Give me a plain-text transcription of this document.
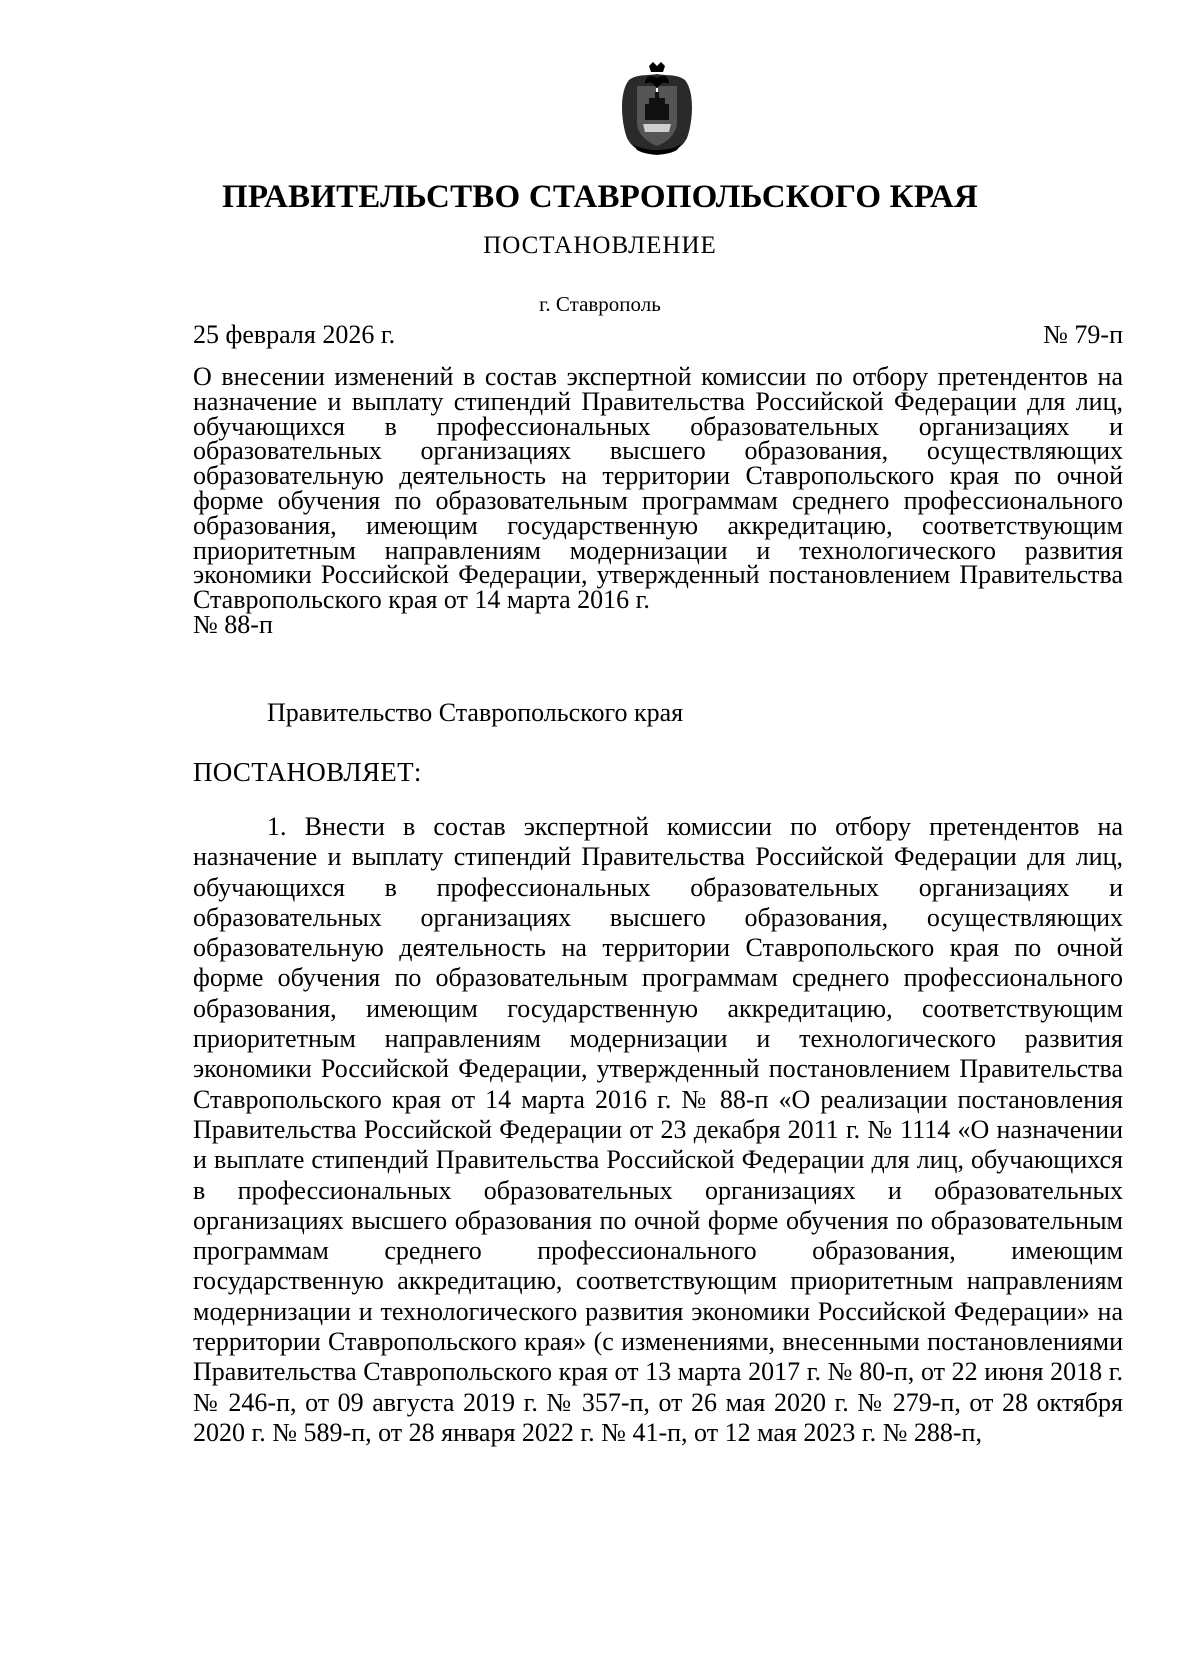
ПРАВИТЕЛЬСТВО СТАВРОПОЛЬСКОГО КРАЯ
ПОСТАНОВЛЕНИЕ
г. Ставрополь
25 февраля 2026 г.	№ 79-п
О внесении изменений в состав экспертной комиссии по отбору претендентов на назначение и выплату стипендий Правительства Российской Федерации для лиц, обучающихся в профессиональных образовательных организациях и образовательных организациях высшего образования, осуществляющих образовательную деятельность на территории Ставропольского края по очной форме обучения по образовательным программам среднего профессионального образования, имеющим государственную аккредитацию, соответствующим приоритетным направлениям модернизации и технологического развития экономики Российской Федерации, утвержденный постановлением Правительства Ставропольского края от 14 марта 2016 г.
№ 88-п
Правительство Ставропольского края
ПОСТАНОВЛЯЕТ:
1. Внести в состав экспертной комиссии по отбору претендентов на назначение и выплату стипендий Правительства Российской Федерации для лиц, обучающихся в профессиональных образовательных организациях и образовательных организациях высшего образования, осуществляющих образовательную деятельность на территории Ставропольского края по очной форме обучения по образовательным программам среднего профессионального образования, имеющим государственную аккредитацию, соответствующим приоритетным направлениям модернизации и технологического развития экономики Российской Федерации, утвержденный постановлением Правительства Ставропольского края от 14 марта 2016 г. № 88-п «О реализации постановления Правительства Российской Федерации от 23 декабря 2011 г. № 1114 «О назначении и выплате стипендий Правительства Российской Федерации для лиц, обучающихся в профессиональных образовательных организациях и образовательных организациях высшего образования по очной форме обучения по образовательным программам среднего профессионального образования, имеющим государственную аккредитацию, соответствующим приоритетным направлениям модернизации и технологического развития экономики Российской Федерации» на территории Ставропольского края» (с изменениями, внесенными постановлениями Правительства Ставропольского края от 13 марта 2017 г. № 80-п, от 22 июня 2018 г. № 246-п, от 09 августа 2019 г. № 357-п, от 26 мая 2020 г. № 279-п, от 28 октября 2020 г. № 589-п, от 28 января 2022 г. № 41-п, от 12 мая 2023 г. № 288-п,
